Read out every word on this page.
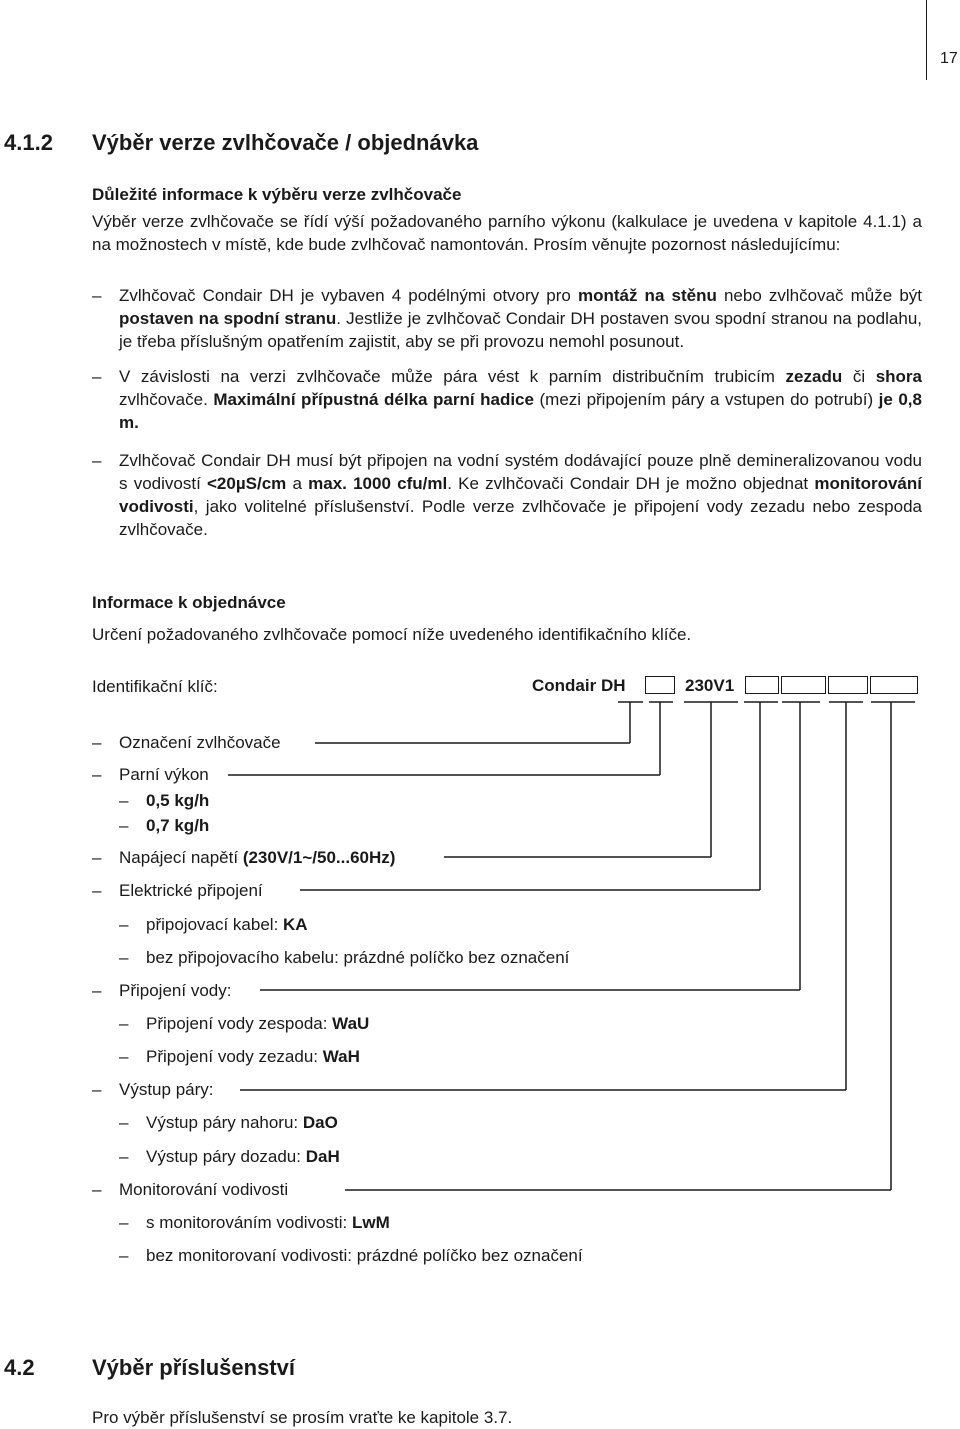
17
4.1.2 Výběr verze zvlhčovače / objednávka
Důležité informace k výběru verze zvlhčovače
Výběr verze zvlhčovače se řídí výší požadovaného parního výkonu (kalkulace je uvedena v kapitole 4.1.1) a na možnostech v místě, kde bude zvlhčovač namontován. Prosím věnujte pozornost následujícímu:
–	Zvlhčovač Condair DH je vybaven 4 podélnými otvory pro montáž na stěnu nebo zvlhčovač může být postaven na spodní stranu. Jestliže je zvlhčovač Condair DH postaven svou spodní stranou na podlahu, je třeba příslušným opatřením zajistit, aby se při provozu nemohl posunout.
–	V závislosti na verzi zvlhčovače může pára vést k parním distribučním trubicím zezadu či shora zvlhčovače. Maximální přípustná délka parní hadice (mezi připojením páry a vstupen do potrubí) je 0,8 m.
–	Zvlhčovač Condair DH musí být připojen na vodní systém dodávající pouze plně demineralizovanou vodu s vodivostí <20µS/cm a max. 1000 cfu/ml. Ke zvlhčovači Condair DH je možno objednat monitorování vodivosti, jako volitelné příslušenství. Podle verze zvlhčovače je připojení vody zezadu nebo zespoda zvlhčovače.
Informace k objednávce
Určení požadovaného zvlhčovače pomocí níže uvedeného identifikačního klíče.
Identifikační klíč:	Condair DH	230V1
– Označení zvlhčovače
– Parní výkon
– 0,5 kg/h
– 0,7 kg/h
– Napájecí napětí (230V/1~/50...60Hz)
– Elektrické připojení
– připojovací kabel: KA
– bez připojovacího kabelu: prázdné políčko bez označení
– Připojení vody:
– Připojení vody zespoda: WaU
– Připojení vody zezadu: WaH
– Výstup páry:
– Výstup páry nahoru: DaO
– Výstup páry dozadu: DaH
– Monitorování vodivosti
– s monitorováním vodivosti: LwM
– bez monitorovaní vodivosti: prázdné políčko bez označení
4.2	Výběr příslušenství
Pro výběr příslušenství se prosím vraťte ke kapitole 3.7.
